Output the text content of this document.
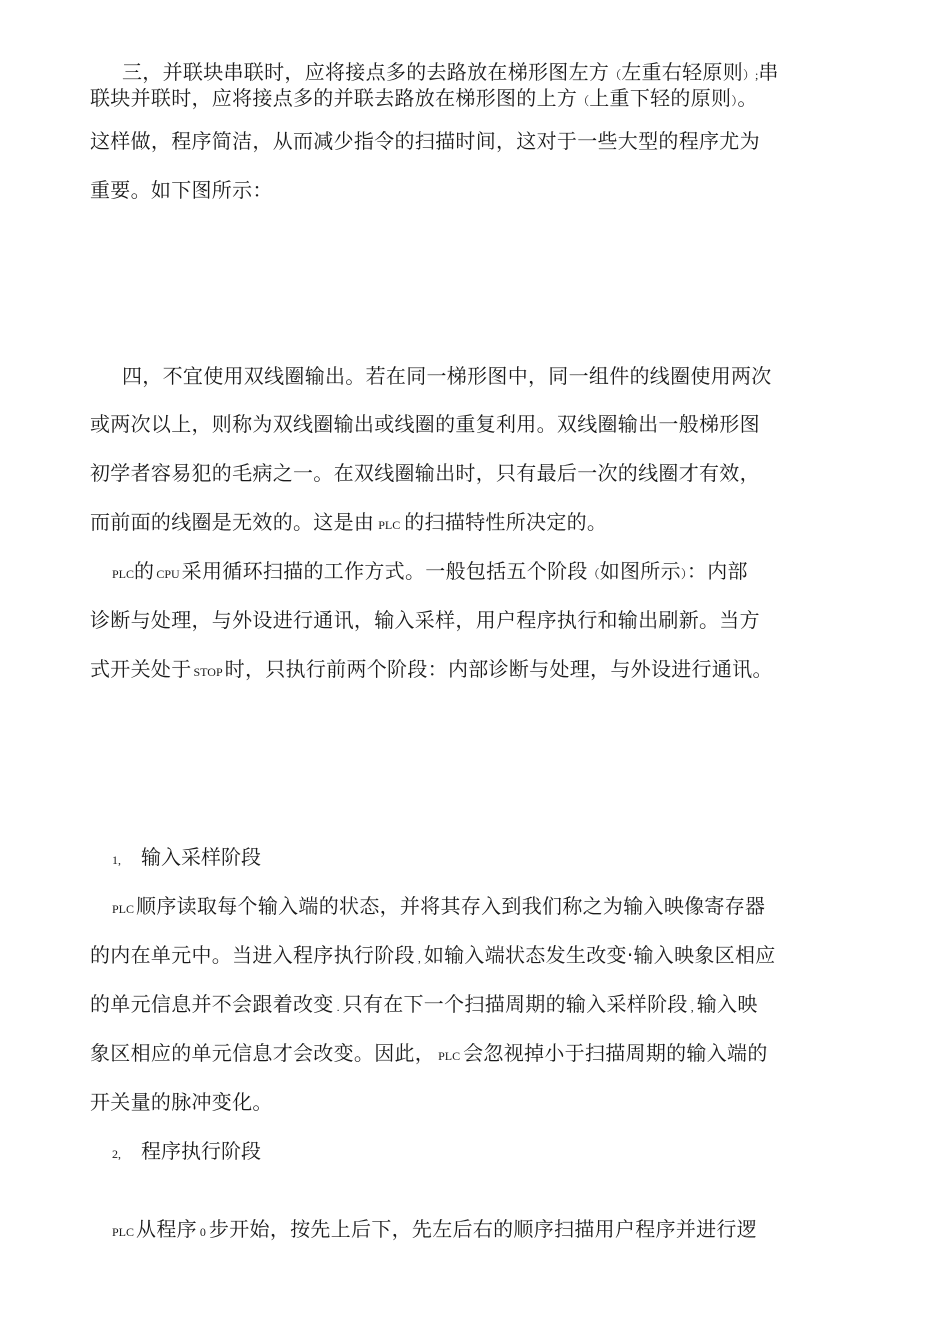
三，并联块串联时，应将接点多的去路放在梯形图左方（左重右轻原则）;串
联块并联时，应将接点多的并联去路放在梯形图的上方（上重下轻的原则）。
这样做，程序简洁，从而减少指令的扫描时间，这对于一些大型的程序尤为
重要。如下图所示：
四，不宜使用双线圈输出。若在同一梯形图中，同一组件的线圈使用两次
或两次以上，则称为双线圈输出或线圈的重复利用。双线圈输出一般梯形图
初学者容易犯的毛病之一。在双线圈输出时，只有最后一次的线圈才有效，
而前面的线圈是无效的。这是由 PLC 的扫描特性所决定的。
PLC的 CPU 采用循环扫描的工作方式。一般包括五个阶段（如图所示）：内部
诊断与处理，与外设进行通讯，输入采样，用户程序执行和输出刷新。当方
式开关处于 STOP 时，只执行前两个阶段：内部诊断与处理，与外设进行通讯。
1, 输入采样阶段
PLC 顺序读取每个输入端的状态，并将其存入到我们称之为输入映像寄存器
的内在单元中。当进入程序执行阶段 , 如输入端状态发生改变·输入映象区相应
的单元信息并不会跟着改变 . 只有在下一个扫描周期的输入采样阶段 , 输入映
象区相应的单元信息才会改变。因此， PLC 会忽视掉小于扫描周期的输入端的
开关量的脉冲变化。
2, 程序执行阶段
PLC 从程序 0 步开始，按先上后下，先左后右的顺序扫描用户程序并进行逻
